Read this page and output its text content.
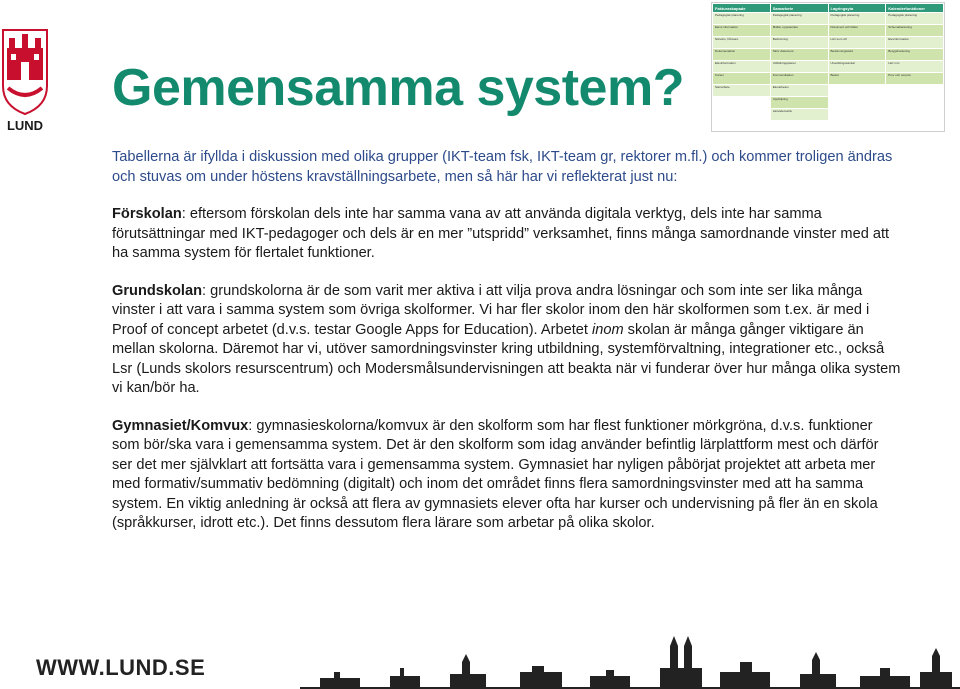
LUND
Gemensamma system?
Fakturaskapade	Samarbete	Lagringsyta	Kalenderfunktioner
Pedagogisk planering	Pedagogisk planering	Pedagogisk planering	Pedagogisk planering
Elevs information	Mallar, uppsamlare	Dokument och bilder	Schemahantering
Närvaro, frånvaro	Bedömning	Lärr som vill	Elevinformation
Dokumentation	Skriv dokument	Bedömningsstöd	Betygshantering
Elevinformation	Utbildningsplaner	Utvecklingssamtal	Lärr mm
Kurser	Kommunikation	Beslut	Prov och omprov
Samarbete	Elevarbeten		
	Uppföljning		
	Lärandematris		

Tabellerna är ifyllda i diskussion med olika grupper (IKT-team fsk, IKT-team gr, rektorer m.fl.) och kommer troligen ändras och stuvas om under höstens kravställningsarbete, men så här har vi reflekterat just nu:

Förskolan: eftersom förskolan dels inte har samma vana av att använda digitala verktyg, dels inte har samma förutsättningar med IKT-pedagoger och dels är en mer ”utspridd” verksamhet, finns många samordnande vinster med att ha samma system för flertalet funktioner.

Grundskolan: grundskolorna är de som varit mer aktiva i att vilja prova andra lösningar och som inte ser lika många vinster i att vara i samma system som övriga skolformer. Vi har fler skolor inom den här skolformen som t.ex. är med i Proof of concept arbetet (d.v.s. testar Google Apps for Education). Arbetet inom skolan är många gånger viktigare än mellan skolorna. Däremot har vi, utöver samordningsvinster kring utbildning, systemförvaltning, integrationer etc., också Lsr (Lunds skolors resurscentrum) och Modersmålsundervisningen att beakta när vi funderar över hur många olika system vi kan/bör ha.

Gymnasiet/Komvux: gymnasieskolorna/komvux är den skolform som har flest funktioner mörkgröna, d.v.s. funktioner som bör/ska vara i gemensamma system. Det är den skolform som idag använder befintlig lärplattform mest och därför ser det mer självklart att fortsätta vara i gemensamma system. Gymnasiet har nyligen påbörjat projektet att arbeta mer med formativ/summativ bedömning (digitalt) och inom det området finns flera samordningsvinster med att ha samma system. En viktig anledning är också att flera av gymnasiets elever ofta har kurser och undervisning på fler än en skola (språkkurser, idrott etc.). Det finns dessutom flera lärare som arbetar på olika skolor.

WWW.LUND.SE
